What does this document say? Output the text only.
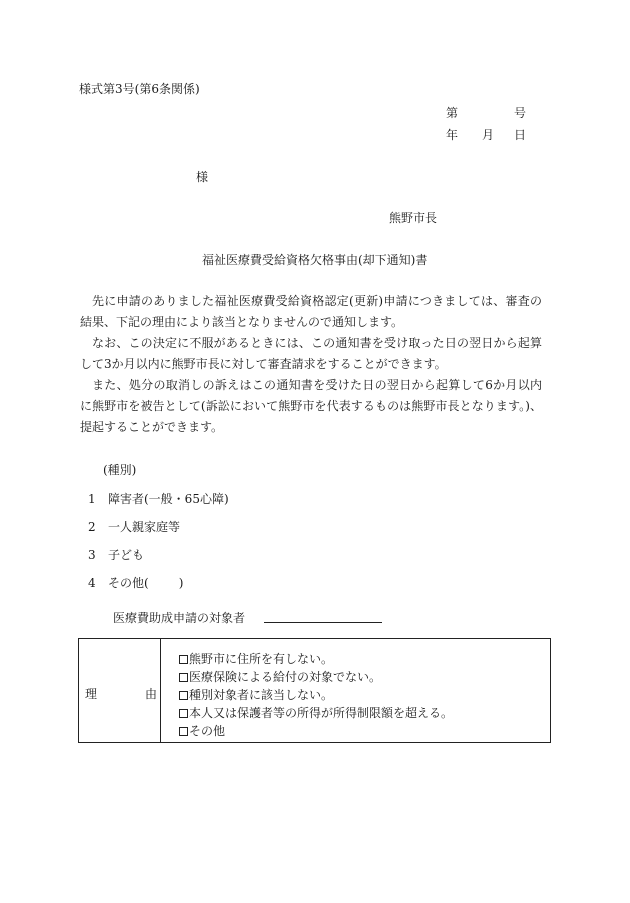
様式第3号(第6条関係)
第	号
年 月 日
様
熊野市長
福祉医療費受給資格欠格事由(却下通知)書

先に申請のありました福祉医療費受給資格認定(更新)申請につきましては、審査の結果、下記の理由により該当となりませんので通知します。

なお、この決定に不服があるときには、この通知書を受け取った日の翌日から起算して3か月以内に熊野市長に対して審査請求をすることができます。

また、処分の取消しの訴えはこの通知書を受けた日の翌日から起算して6か月以内に熊野市を被告として(訴訟において熊野市を代表するものは熊野市長となります。)、提起することができます。

(種別)
1 障害者(一般・65心障)
2 一人親家庭等
3 子ども
4 その他(	)
医療費助成申請の対象者
理	由
熊野市に住所を有しない。
医療保険による給付の対象でない。
種別対象者に該当しない。
本人又は保護者等の所得が所得制限額を超える。
その他
